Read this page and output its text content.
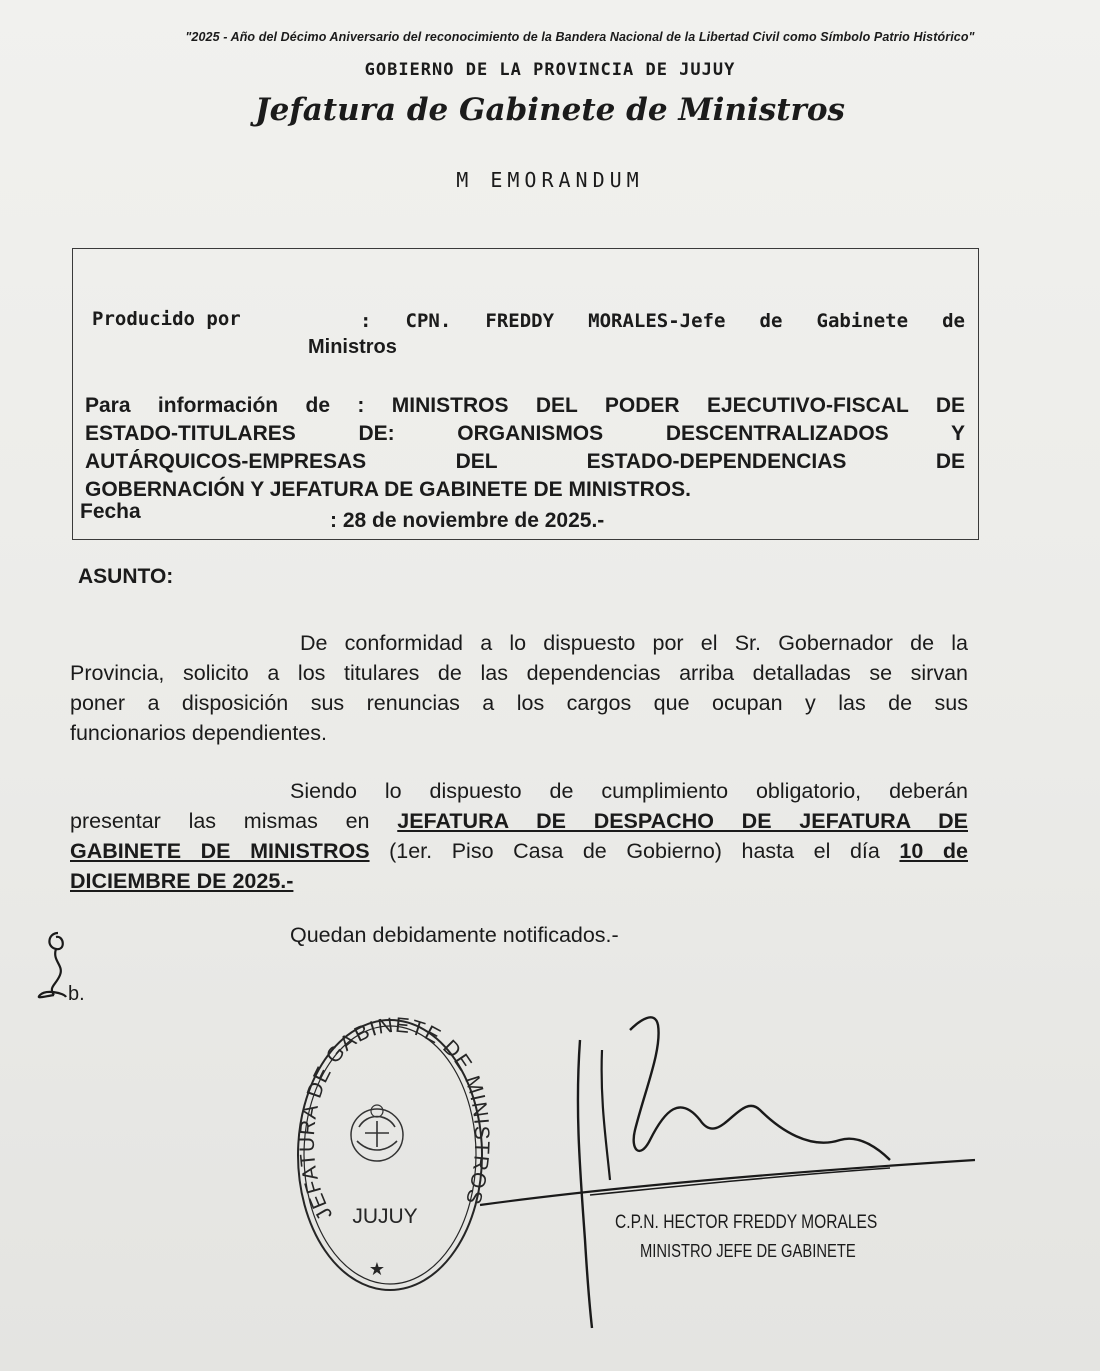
"2025 - Año del Décimo Aniversario del reconocimiento de la Bandera Nacional de la Libertad Civil como Símbolo Patrio Histórico"
GOBIERNO DE LA PROVINCIA DE JUJUY
Jefatura de Gabinete de Ministros
M EMORANDUM
Producido por	: CPN. FREDDY MORALES-Jefe de Gabinete de
Ministros
Para información de : MINISTROS DEL PODER EJECUTIVO-FISCAL DE
ESTADO-TITULARES DE: ORGANISMOS DESCENTRALIZADOS Y
AUTÁRQUICOS-EMPRESAS DEL ESTADO-DEPENDENCIAS DE
GOBERNACIÓN Y JEFATURA DE GABINETE DE MINISTROS.
Fecha	: 28 de noviembre de 2025.-
ASUNTO:
De conformidad a lo dispuesto por el Sr. Gobernador de la
Provincia, solicito a los titulares de las dependencias arriba detalladas se sirvan
poner a disposición sus renuncias a los cargos que ocupan y las de sus
funcionarios dependientes.
Siendo lo dispuesto de cumplimiento obligatorio, deberán
presentar las mismas en JEFATURA DE DESPACHO DE JEFATURA DE
GABINETE DE MINISTROS (1er. Piso Casa de Gobierno) hasta el día 10 de
DICIEMBRE DE 2025.-
Quedan debidamente notificados.-
b.
JEFATURA DE GABINETE DE MINISTROS
JUJUY
★
C.P.N. HECTOR FREDDY MORALES
MINISTRO JEFE DE GABINETE
